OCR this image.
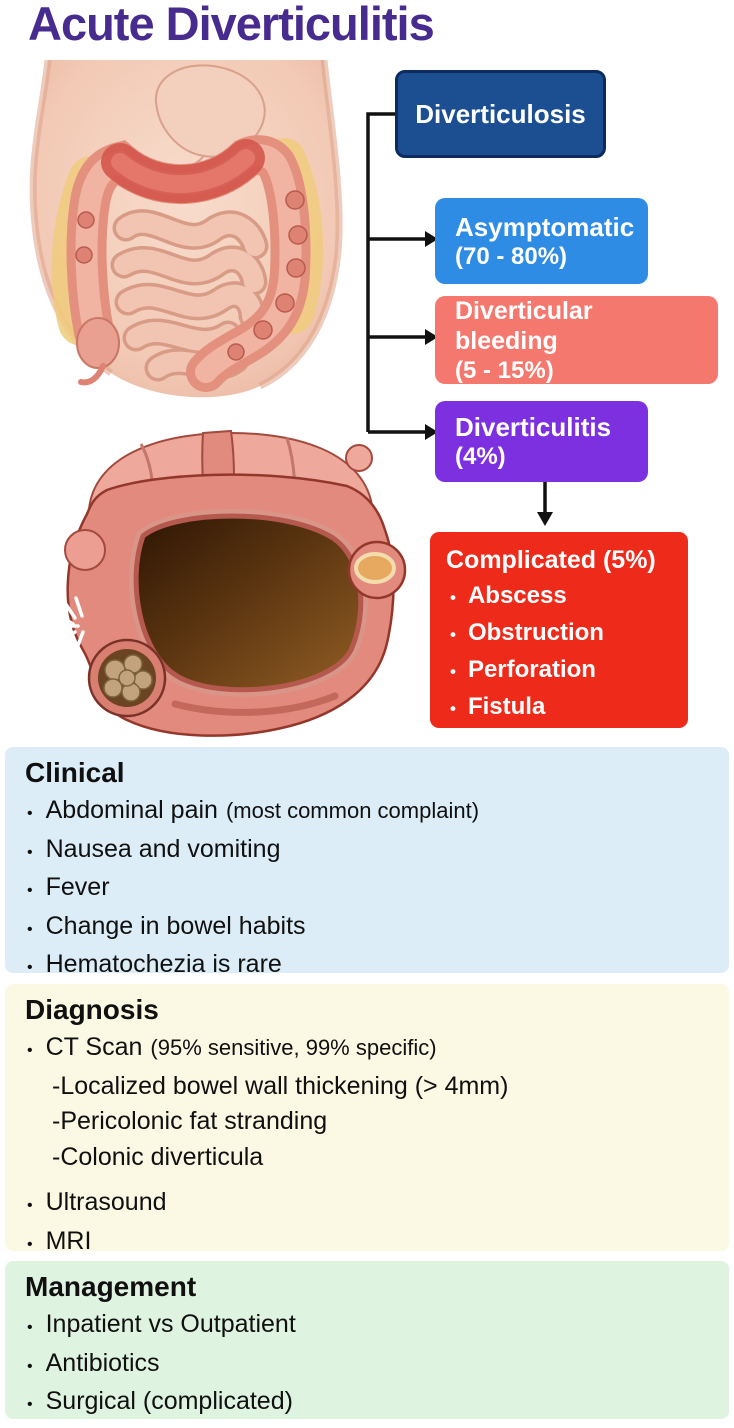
Acute Diverticulitis
Diverticulosis
Asymptomatic
(70 - 80%)
Diverticular bleeding
(5 - 15%)
Diverticulitis
(4%)
Complicated (5%)
• Abscess
• Obstruction
• Perforation
• Fistula
Clinical
• Abdominal pain (most common complaint)
• Nausea and vomiting
• Fever
• Change in bowel habits
• Hematochezia is rare
Diagnosis
• CT Scan (95% sensitive, 99% specific)
-Localized bowel wall thickening (> 4mm)
-Pericolonic fat stranding
-Colonic diverticula
• Ultrasound
• MRI
Management
• Inpatient vs Outpatient
• Antibiotics
• Surgical (complicated)
